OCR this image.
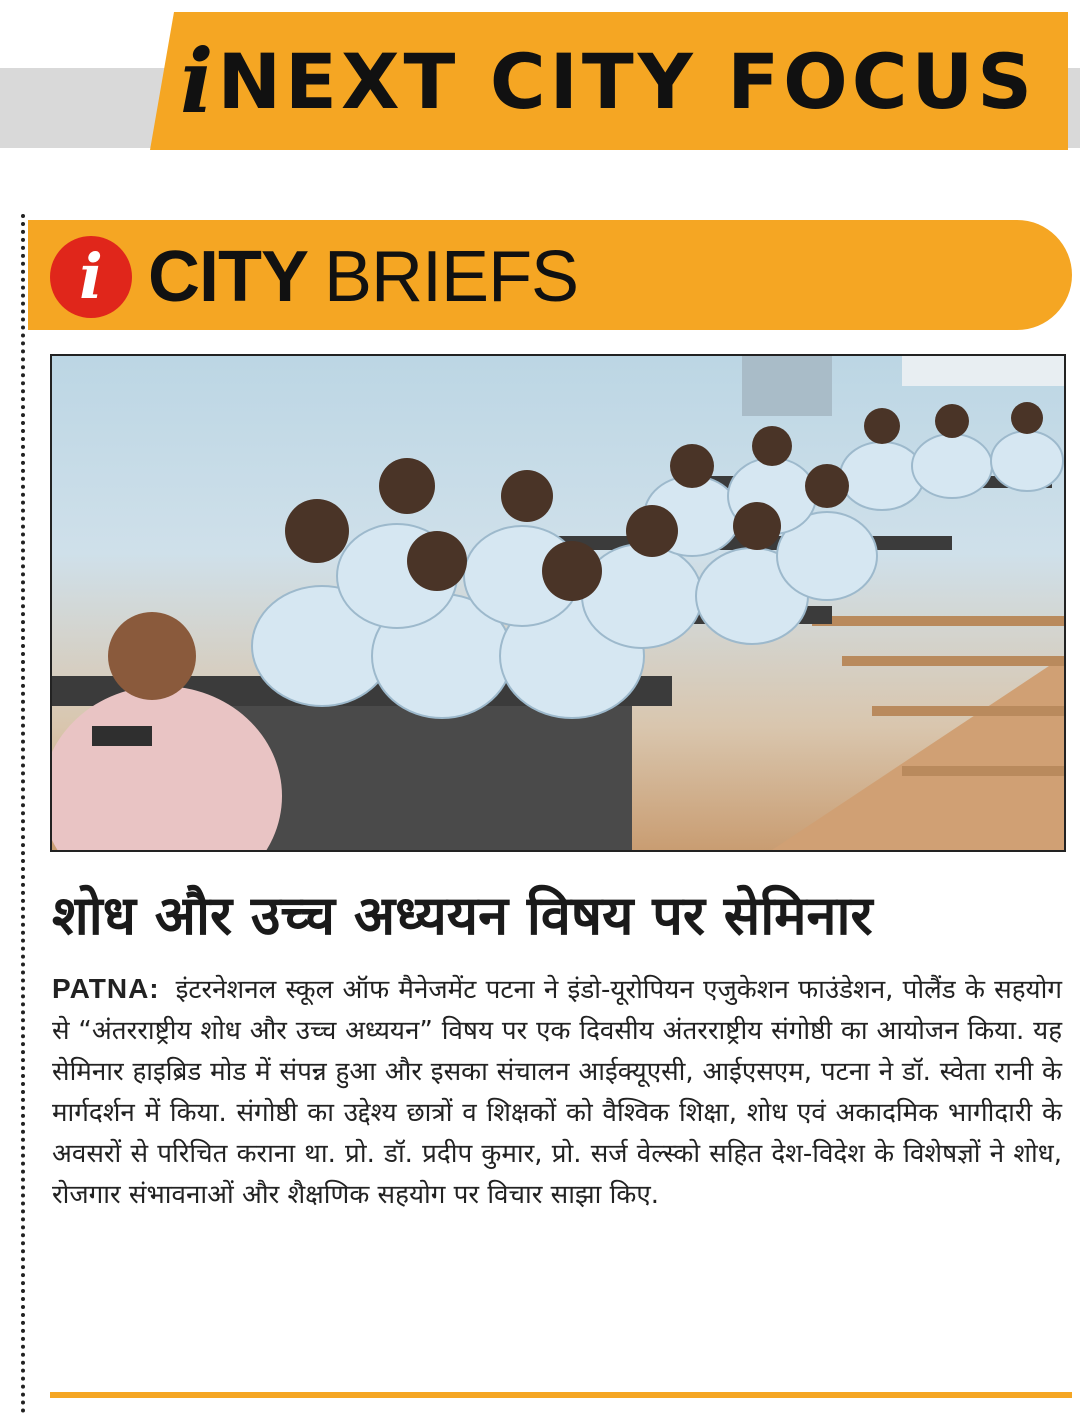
i NEXT CITY FOCUS
i CITY BRIEFS
शोध और उच्च अध्ययन विषय पर सेमिनार
PATNA: इंटरनेशनल स्कूल ऑफ मैनेजमेंट पटना ने इंडो-यूरोपियन एजुकेशन फाउंडेशन, पोलैंड के सहयोग से “अंतरराष्ट्रीय शोध और उच्च अध्ययन” विषय पर एक दिवसीय अंतरराष्ट्रीय संगोष्ठी का आयोजन किया. यह सेमिनार हाइब्रिड मोड में संपन्न हुआ और इसका संचालन आईक्यूएसी, आईएसएम, पटना ने डॉ. स्वेता रानी के मार्गदर्शन में किया. संगोष्ठी का उद्देश्य छात्रों व शिक्षकों को वैश्विक शिक्षा, शोध एवं अकादमिक भागीदारी के अवसरों से परिचित कराना था. प्रो. डॉ. प्रदीप कुमार, प्रो. सर्ज वेल्स्को सहित देश-विदेश के विशेषज्ञों ने शोध, रोजगार संभावनाओं और शैक्षणिक सहयोग पर विचार साझा किए.
